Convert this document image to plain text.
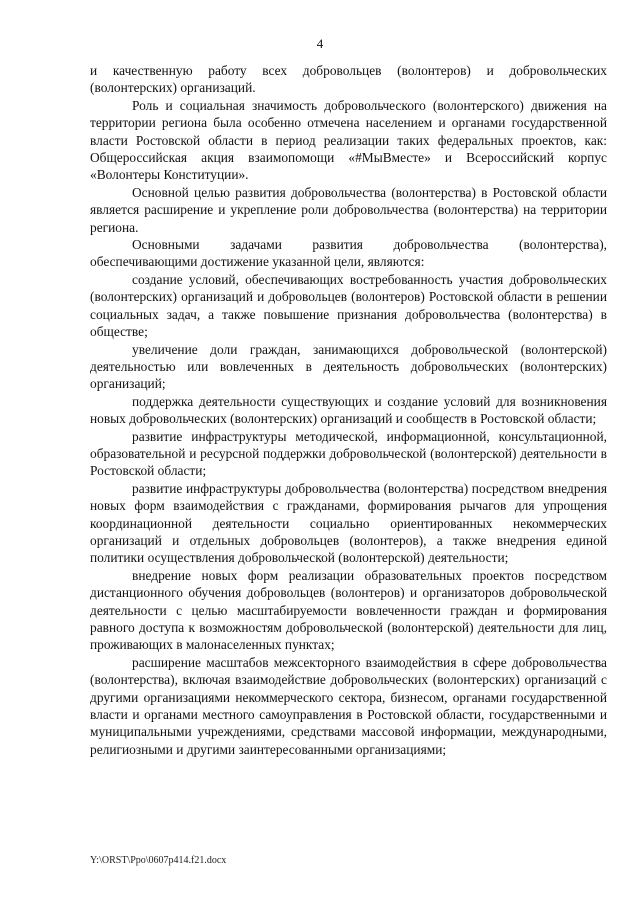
4

и качественную работу всех добровольцев (волонтеров) и добровольческих (волонтерских) организаций.

Роль и социальная значимость добровольческого (волонтерского) движения на территории региона была особенно отмечена населением и органами государственной власти Ростовской области в период реализации таких федеральных проектов, как: Общероссийская акция взаимопомощи «#МыВместе» и Всероссийский корпус «Волонтеры Конституции».

Основной целью развития добровольчества (волонтерства) в Ростовской области является расширение и укрепление роли добровольчества (волонтерства) на территории региона.

Основными задачами развития добровольчества (волонтерства), обеспечивающими достижение указанной цели, являются:

создание условий, обеспечивающих востребованность участия добровольческих (волонтерских) организаций и добровольцев (волонтеров) Ростовской области в решении социальных задач, а также повышение признания добровольчества (волонтерства) в обществе;

увеличение доли граждан, занимающихся добровольческой (волонтерской) деятельностью или вовлеченных в деятельность добровольческих (волонтерских) организаций;

поддержка деятельности существующих и создание условий для возникновения новых добровольческих (волонтерских) организаций и сообществ в Ростовской области;

развитие инфраструктуры методической, информационной, консультационной, образовательной и ресурсной поддержки добровольческой (волонтерской) деятельности в Ростовской области;

развитие инфраструктуры добровольчества (волонтерства) посредством внедрения новых форм взаимодействия с гражданами, формирования рычагов для упрощения координационной деятельности социально ориентированных некоммерческих организаций и отдельных добровольцев (волонтеров), а также внедрения единой политики осуществления добровольческой (волонтерской) деятельности;

внедрение новых форм реализации образовательных проектов посредством дистанционного обучения добровольцев (волонтеров) и организаторов добровольческой деятельности с целью масштабируемости вовлеченности граждан и формирования равного доступа к возможностям добровольческой (волонтерской) деятельности для лиц, проживающих в малонаселенных пунктах;

расширение масштабов межсекторного взаимодействия в сфере добровольчества (волонтерства), включая взаимодействие добровольческих (волонтерских) организаций с другими организациями некоммерческого сектора, бизнесом, органами государственной власти и органами местного самоуправления в Ростовской области, государственными и муниципальными учреждениями, средствами массовой информации, международными, религиозными и другими заинтересованными организациями;

Y:\ORST\Ppo\0607p414.f21.docx
